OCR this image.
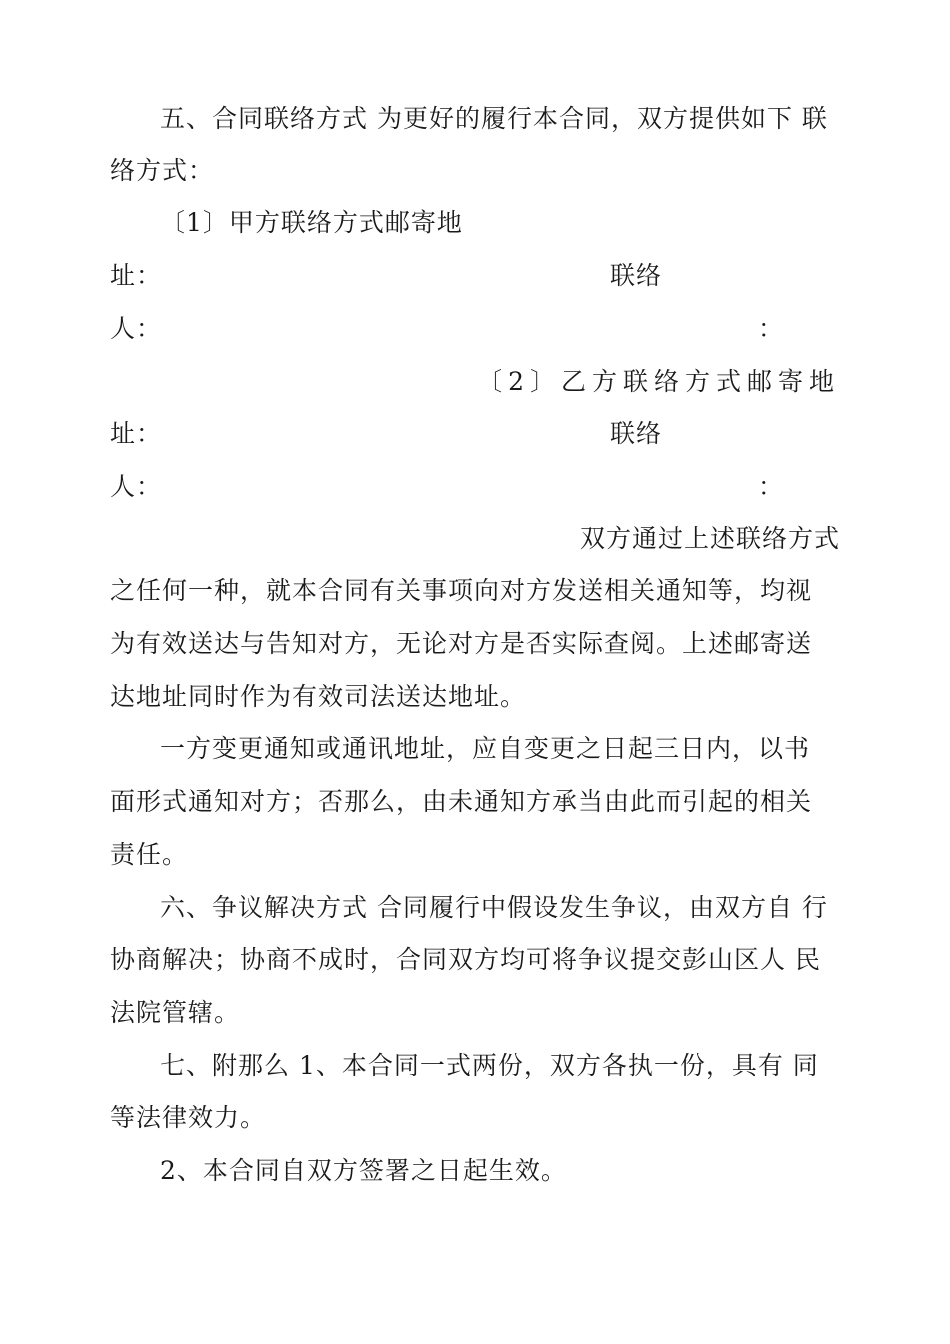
五、合同联络方式 为更好的履行本合同，双方提供如下 联
络方式：
〔1〕甲方联络方式邮寄地
址：	联络
人：	：
〔2〕乙方联络方式邮寄地
址：	联络
人：	：
双方通过上述联络方式
之任何一种，就本合同有关事项向对方发送相关通知等，均视
为有效送达与告知对方，无论对方是否实际查阅。上述邮寄送
达地址同时作为有效司法送达地址。
一方变更通知或通讯地址，应自变更之日起三日内，以书
面形式通知对方；否那么，由未通知方承当由此而引起的相关
责任。
六、争议解决方式 合同履行中假设发生争议，由双方自 行
协商解决；协商不成时，合同双方均可将争议提交彭山区人 民
法院管辖。
七、附那么 1、本合同一式两份，双方各执一份，具有 同
等法律效力。
2、本合同自双方签署之日起生效。
